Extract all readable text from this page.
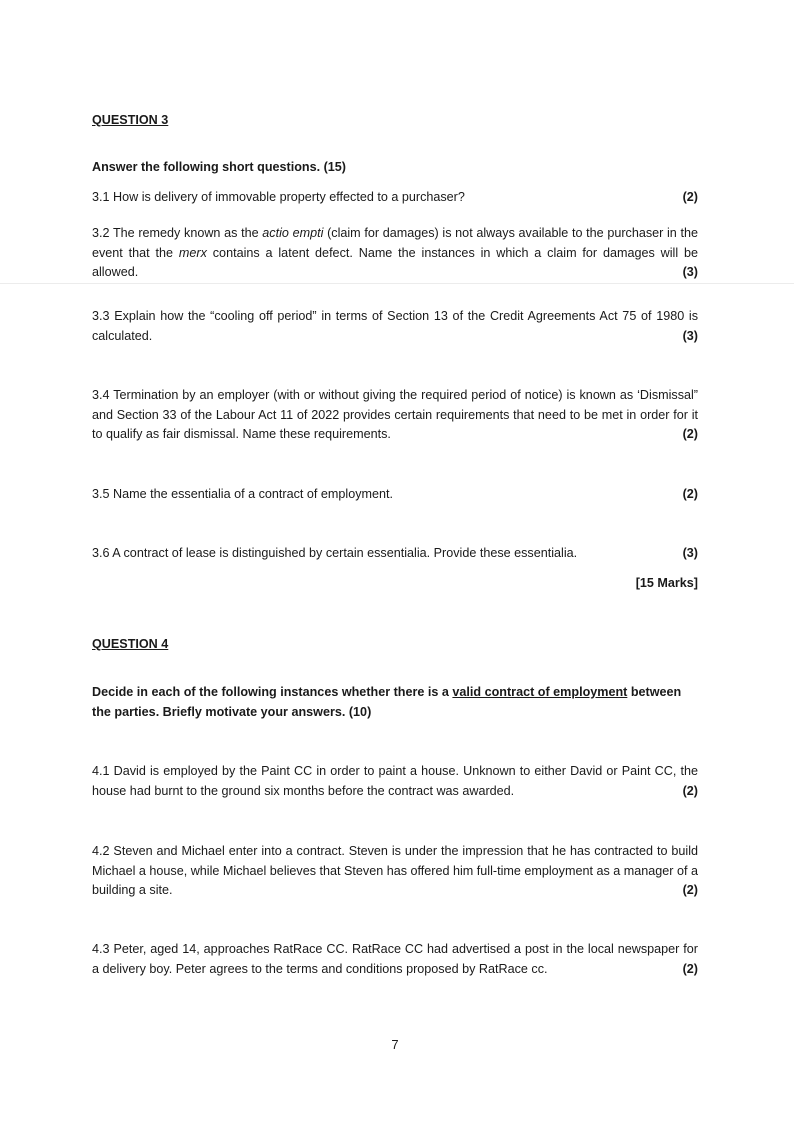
QUESTION 3
Answer the following short questions. (15)
3.1 How is delivery of immovable property effected to a purchaser?	(2)
3.2 The remedy known as the actio empti (claim for damages) is not always available to the purchaser in the event that the merx contains a latent defect. Name the instances in which a claim for damages will be allowed.	(3)
3.3 Explain how the “cooling off period” in terms of Section 13 of the Credit Agreements Act 75 of 1980 is calculated.	(3)
3.4 Termination by an employer (with or without giving the required period of notice) is known as ‘Dismissal” and Section 33 of the Labour Act 11 of 2022 provides certain requirements that need to be met in order for it to qualify as fair dismissal. Name these requirements.	(2)
3.5 Name the essentialia of a contract of employment.	(2)
3.6 A contract of lease is distinguished by certain essentialia. Provide these essentialia.	(3)
[15 Marks]
QUESTION 4
Decide in each of the following instances whether there is a valid contract of employment between the parties. Briefly motivate your answers. (10)
4.1 David is employed by the Paint CC in order to paint a house. Unknown to either David or Paint CC, the house had burnt to the ground six months before the contract was awarded.	(2)
4.2 Steven and Michael enter into a contract. Steven is under the impression that he has contracted to build Michael a house, while Michael believes that Steven has offered him full-time employment as a manager of a building a site.	(2)
4.3 Peter, aged 14, approaches RatRace CC. RatRace CC had advertised a post in the local newspaper for a delivery boy. Peter agrees to the terms and conditions proposed by RatRace cc.	(2)
7
